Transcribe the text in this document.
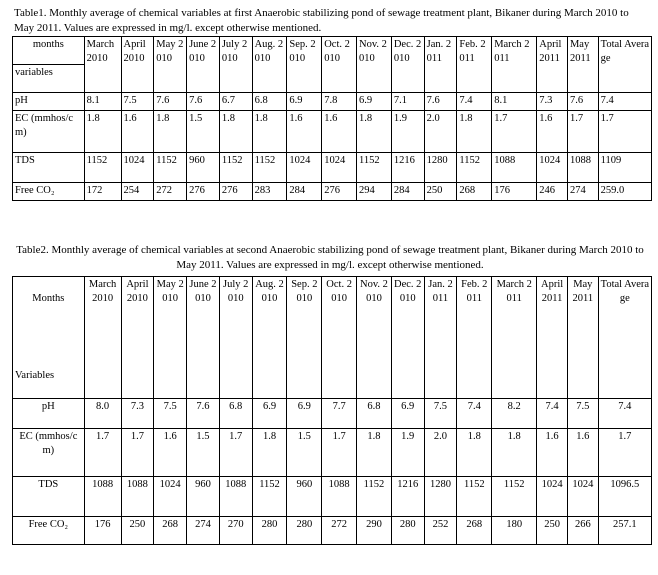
Table1. Monthly average of chemical variables at first Anaerobic stabilizing pond of sewage treatment plant, Bikaner during March 2010 to May 2011. Values are expressed in mg/l. except otherwise mentioned.
months
variables	March 2010	April 2010	May 2010	June 2010	July 2010	Aug. 2010	Sep. 2010	Oct. 2010	Nov. 2010	Dec. 2010	Jan. 2011	Feb. 2011	March 2011	April 2011	May 2011	Total Average
pH	8.1	7.5	7.6	7.6	6.7	6.8	6.9	7.8	6.9	7.1	7.6	7.4	8.1	7.3	7.6	7.4
EC (mmhos/cm)	1.8	1.6	1.8	1.5	1.8	1.8	1.6	1.6	1.8	1.9	2.0	1.8	1.7	1.6	1.7	1.7
TDS	1152	1024	1152	960	1152	1152	1024	1024	1152	1216	1280	1152	1088	1024	1088	1109
Free CO₂	172	254	272	276	276	283	284	276	294	284	250	268	176	246	274	259.0
Table2. Monthly average of chemical variables at second Anaerobic stabilizing pond of sewage treatment plant, Bikaner during March 2010 to May 2011. Values are expressed in mg/l. except otherwise mentioned.
Months
Variables	March 2010	April 2010	May 2010	June 2010	July 2010	Aug. 2010	Sep. 2010	Oct. 2010	Nov. 2010	Dec. 2010	Jan. 2011	Feb. 2011	March 2011	April 2011	May 2011	Total Average
pH	8.0	7.3	7.5	7.6	6.8	6.9	6.9	7.7	6.8	6.9	7.5	7.4	8.2	7.4	7.5	7.4
EC (mmhos/cm)	1.7	1.7	1.6	1.5	1.7	1.8	1.5	1.7	1.8	1.9	2.0	1.8	1.8	1.6	1.6	1.7
TDS	1088	1088	1024	960	1088	1152	960	1088	1152	1216	1280	1152	1152	1024	1024	1096.5
Free CO₂	176	250	268	274	270	280	280	272	290	280	252	268	180	250	266	257.1
